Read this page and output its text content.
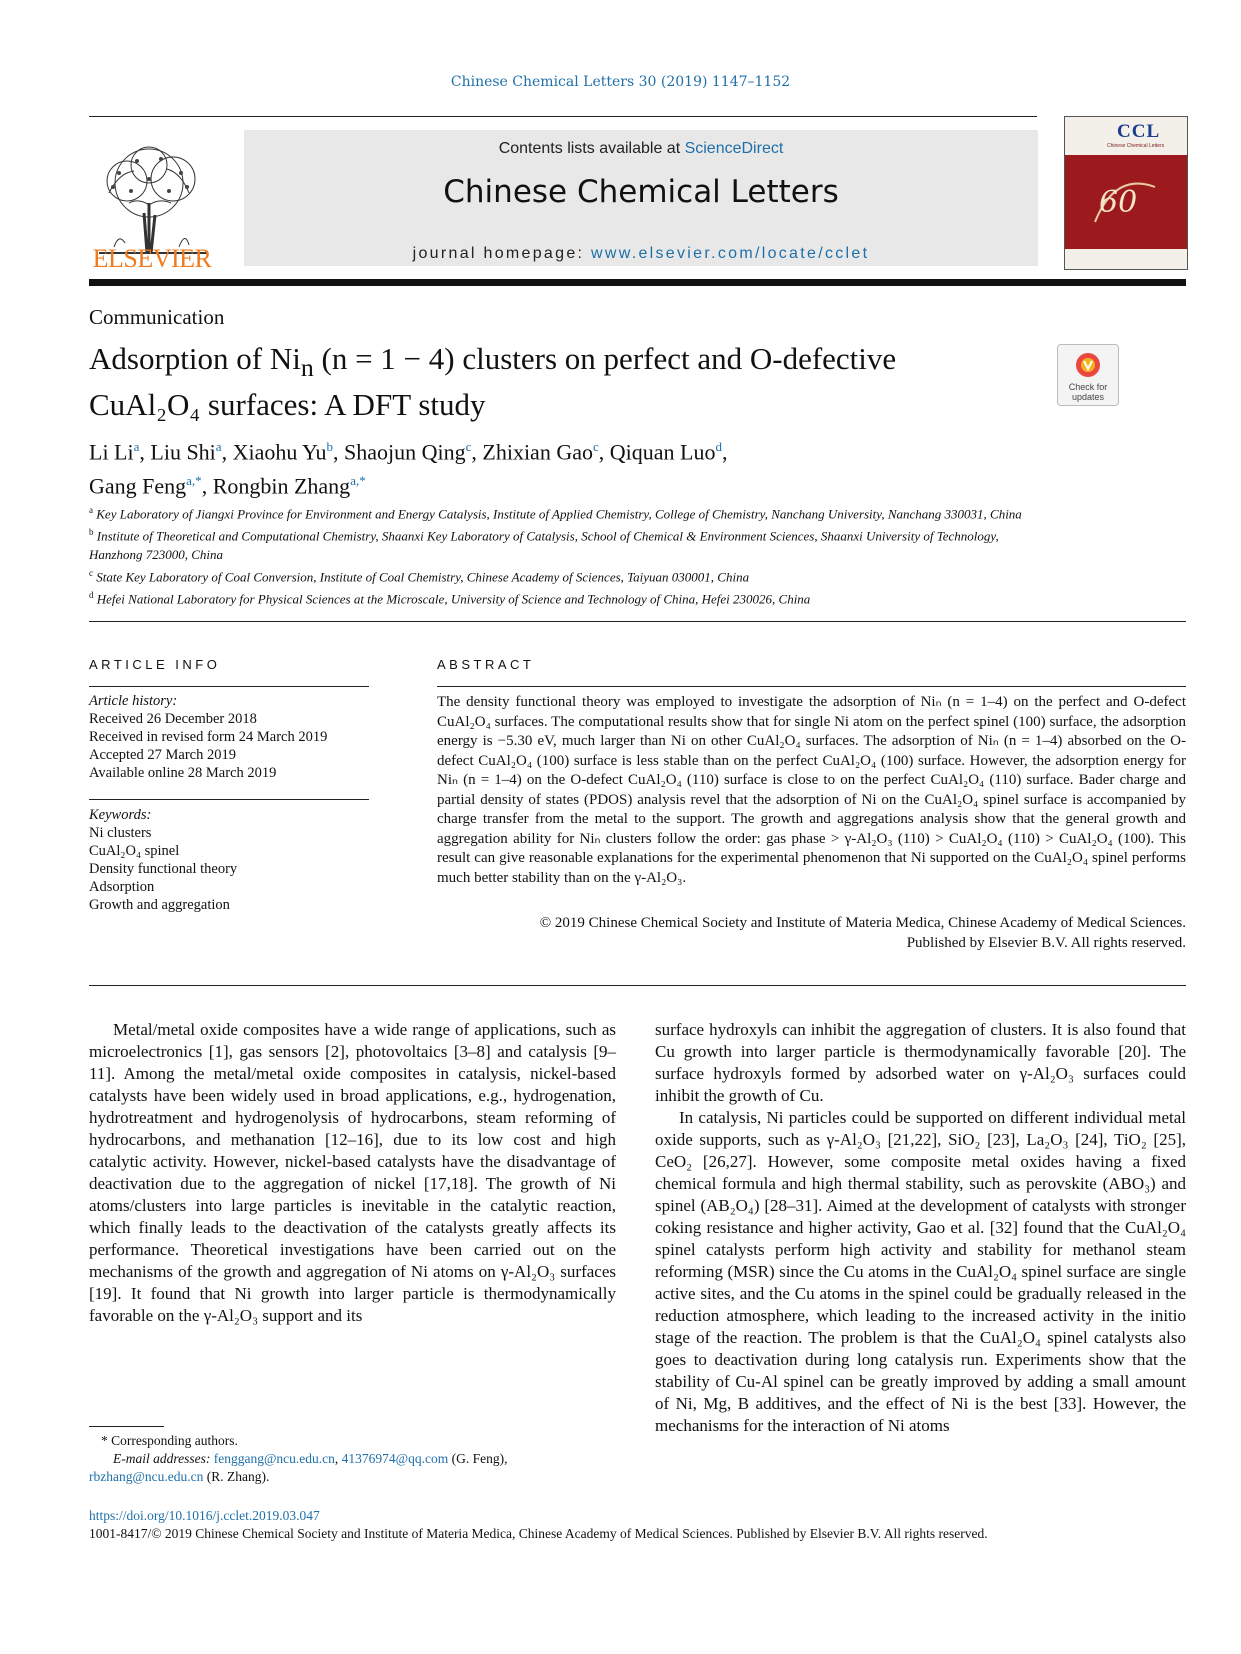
Chinese Chemical Letters 30 (2019) 1147–1152
ELSEVIER
Contents lists available at ScienceDirect
Chinese Chemical Letters
journal homepage: www.elsevier.com/locate/cclet
CCL
Chinese Chemical Letters
60
Communication
Adsorption of $Ni_n$ (n = 1 − 4) clusters on perfect and O-defective
CuAl₂O₄ surfaces: A DFT study
Check for updates
Li Li$^a$, Liu Shi$^a$, Xiaohu Yu$^b$, Shaojun Qing$^c$, Zhixian Gao$^c$, Qiquan Luo$^d$,
Gang Feng$^{a,*}$, Rongbin Zhang$^{a,*}$
$^a$ Key Laboratory of Jiangxi Province for Environment and Energy Catalysis, Institute of Applied Chemistry, College of Chemistry, Nanchang University, Nanchang 330031, China
$^b$ Institute of Theoretical and Computational Chemistry, Shaanxi Key Laboratory of Catalysis, School of Chemical & Environment Sciences, Shaanxi University of Technology, Hanzhong 723000, China
$^c$ State Key Laboratory of Coal Conversion, Institute of Coal Chemistry, Chinese Academy of Sciences, Taiyuan 030001, China
$^d$ Hefei National Laboratory for Physical Sciences at the Microscale, University of Science and Technology of China, Hefei 230026, China
ARTICLE INFO	ABSTRACT
Article history:
Received 26 December 2018
Received in revised form 24 March 2019
Accepted 27 March 2019
Available online 28 March 2019
Keywords:
Ni clusters
CuAl₂O₄ spinel
Density functional theory
Adsorption
Growth and aggregation
The density functional theory was employed to investigate the adsorption of Niₙ (n = 1–4) on the perfect and O-defect CuAl₂O₄ surfaces. The computational results show that for single Ni atom on the perfect spinel (100) surface, the adsorption energy is −5.30 eV, much larger than Ni on other CuAl₂O₄ surfaces. The adsorption of Niₙ (n = 1–4) absorbed on the O-defect CuAl₂O₄ (100) surface is less stable than on the perfect CuAl₂O₄ (100) surface. However, the adsorption energy for Niₙ (n = 1–4) on the O-defect CuAl₂O₄ (110) surface is close to on the perfect CuAl₂O₄ (110) surface. Bader charge and partial density of states (PDOS) analysis revel that the adsorption of Ni on the CuAl₂O₄ spinel surface is accompanied by charge transfer from the metal to the support. The growth and aggregations analysis show that the general growth and aggregation ability for Niₙ clusters follow the order: gas phase > γ-Al₂O₃ (110) > CuAl₂O₄ (110) > CuAl₂O₄ (100). This result can give reasonable explanations for the experimental phenomenon that Ni supported on the CuAl₂O₄ spinel performs much better stability than on the γ-Al₂O₃.
© 2019 Chinese Chemical Society and Institute of Materia Medica, Chinese Academy of Medical Sciences.
Published by Elsevier B.V. All rights reserved.

Metal/metal oxide composites have a wide range of applications, such as microelectronics [1], gas sensors [2], photovoltaics [3–8] and catalysis [9–11]. Among the metal/metal oxide composites in catalysis, nickel-based catalysts have been widely used in broad applications, e.g., hydrogenation, hydrotreatment and hydrogenolysis of hydrocarbons, steam reforming of hydrocarbons, and methanation [12–16], due to its low cost and high catalytic activity. However, nickel-based catalysts have the disadvantage of deactivation due to the aggregation of nickel [17,18]. The growth of Ni atoms/clusters into large particles is inevitable in the catalytic reaction, which finally leads to the deactivation of the catalysts greatly affects its performance. Theoretical investigations have been carried out on the mechanisms of the growth and aggregation of Ni atoms on γ-Al₂O₃ surfaces [19]. It found that Ni growth into larger particle is thermodynamically favorable on the γ-Al₂O₃ support and its

surface hydroxyls can inhibit the aggregation of clusters. It is also found that Cu growth into larger particle is thermodynamically favorable [20]. The surface hydroxyls formed by adsorbed water on γ-Al₂O₃ surfaces could inhibit the growth of Cu.

In catalysis, Ni particles could be supported on different individual metal oxide supports, such as γ-Al₂O₃ [21,22], SiO₂ [23], La₂O₃ [24], TiO₂ [25], CeO₂ [26,27]. However, some composite metal oxides having a fixed chemical formula and high thermal stability, such as perovskite (ABO₃) and spinel (AB₂O₄) [28–31]. Aimed at the development of catalysts with stronger coking resistance and higher activity, Gao et al. [32] found that the CuAl₂O₄ spinel catalysts perform high activity and stability for methanol steam reforming (MSR) since the Cu atoms in the CuAl₂O₄ spinel surface are single active sites, and the Cu atoms in the spinel could be gradually released in the reduction atmosphere, which leading to the increased activity in the initio stage of the reaction. The problem is that the CuAl₂O₄ spinel catalysts also goes to deactivation during long catalysis run. Experiments show that the stability of Cu-Al spinel can be greatly improved by adding a small amount of Ni, Mg, B additives, and the effect of Ni is the best [33]. However, the mechanisms for the interaction of Ni atoms

* Corresponding authors.
E-mail addresses: fenggang@ncu.edu.cn, 41376974@qq.com (G. Feng),
rbzhang@ncu.edu.cn (R. Zhang).
https://doi.org/10.1016/j.cclet.2019.03.047
1001-8417/© 2019 Chinese Chemical Society and Institute of Materia Medica, Chinese Academy of Medical Sciences. Published by Elsevier B.V. All rights reserved.
